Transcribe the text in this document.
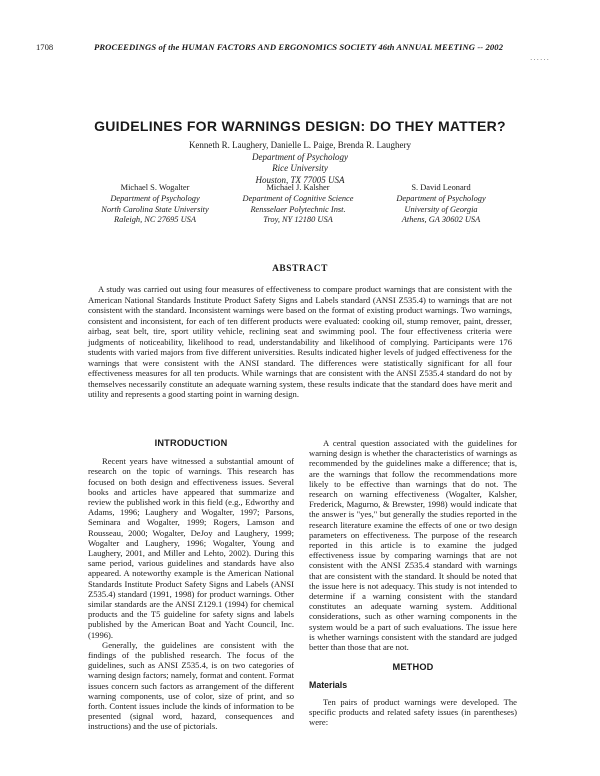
1708	PROCEEDINGS of the HUMAN FACTORS AND ERGONOMICS SOCIETY 46th ANNUAL MEETING -- 2002
······
GUIDELINES FOR WARNINGS DESIGN: DO THEY MATTER?
Kenneth R. Laughery, Danielle L. Paige, Brenda R. Laughery
Department of Psychology
Rice University
Houston, TX 77005 USA
Michael S. Wogalter
Department of Psychology
North Carolina State University
Raleigh, NC 27695 USA
Michael J. Kalsher
Department of Cognitive Science
Rensselaer Polytechnic Inst.
Troy, NY 12180 USA
S. David Leonard
Department of Psychology
University of Georgia
Athens, GA 30602 USA
ABSTRACT
A study was carried out using four measures of effectiveness to compare product warnings that are consistent with the American National Standards Institute Product Safety Signs and Labels standard (ANSI Z535.4) to warnings that are not consistent with the standard. Inconsistent warnings were based on the format of existing product warnings. Two warnings, consistent and inconsistent, for each of ten different products were evaluated: cooking oil, stump remover, paint, dresser, airbag, seat belt, tire, sport utility vehicle, reclining seat and swimming pool. The four effectiveness criteria were judgments of noticeability, likelihood to read, understandability and likelihood of complying. Participants were 176 students with varied majors from five different universities. Results indicated higher levels of judged effectiveness for the warnings that were consistent with the ANSI standard. The differences were statistically significant for all four effectiveness measures for all ten products. While warnings that are consistent with the ANSI Z535.4 standard do not by themselves necessarily constitute an adequate warning system, these results indicate that the standard does have merit and utility and represents a good starting point in warning design.

INTRODUCTION

Recent years have witnessed a substantial amount of research on the topic of warnings. This research has focused on both design and effectiveness issues. Several books and articles have appeared that summarize and review the published work in this field (e.g., Edworthy and Adams, 1996; Laughery and Wogalter, 1997; Parsons, Seminara and Wogalter, 1999; Rogers, Lamson and Rousseau, 2000; Wogalter, DeJoy and Laughery, 1999; Wogalter and Laughery, 1996; Wogalter, Young and Laughery, 2001, and Miller and Lehto, 2002). During this same period, various guidelines and standards have also appeared. A noteworthy example is the American National Standards Institute Product Safety Signs and Labels (ANSI Z535.4) standard (1991, 1998) for product warnings. Other similar standards are the ANSI Z129.1 (1994) for chemical products and the T5 guideline for safety signs and labels published by the American Boat and Yacht Council, Inc. (1996).

Generally, the guidelines are consistent with the findings of the published research. The focus of the guidelines, such as ANSI Z535.4, is on two categories of warning design factors; namely, format and content. Format issues concern such factors as arrangement of the different warning components, use of color, size of print, and so forth. Content issues include the kinds of information to be presented (signal word, hazard, consequences and instructions) and the use of pictorials.

A central question associated with the guidelines for warning design is whether the characteristics of warnings as recommended by the guidelines make a difference; that is, are the warnings that follow the recommendations more likely to be effective than warnings that do not. The research on warning effectiveness (Wogalter, Kalsher, Frederick, Magurno, & Brewster, 1998) would indicate that the answer is "yes," but generally the studies reported in the research literature examine the effects of one or two design parameters on effectiveness. The purpose of the research reported in this article is to examine the judged effectiveness issue by comparing warnings that are not consistent with the ANSI Z535.4 standard with warnings that are consistent with the standard. It should be noted that the issue here is not adequacy. This study is not intended to determine if a warning consistent with the standard constitutes an adequate warning system. Additional considerations, such as other warning components in the system would be a part of such evaluations. The issue here is whether warnings consistent with the standard are judged better than those that are not.

METHOD

Materials

Ten pairs of product warnings were developed. The specific products and related safety issues (in parentheses) were:
